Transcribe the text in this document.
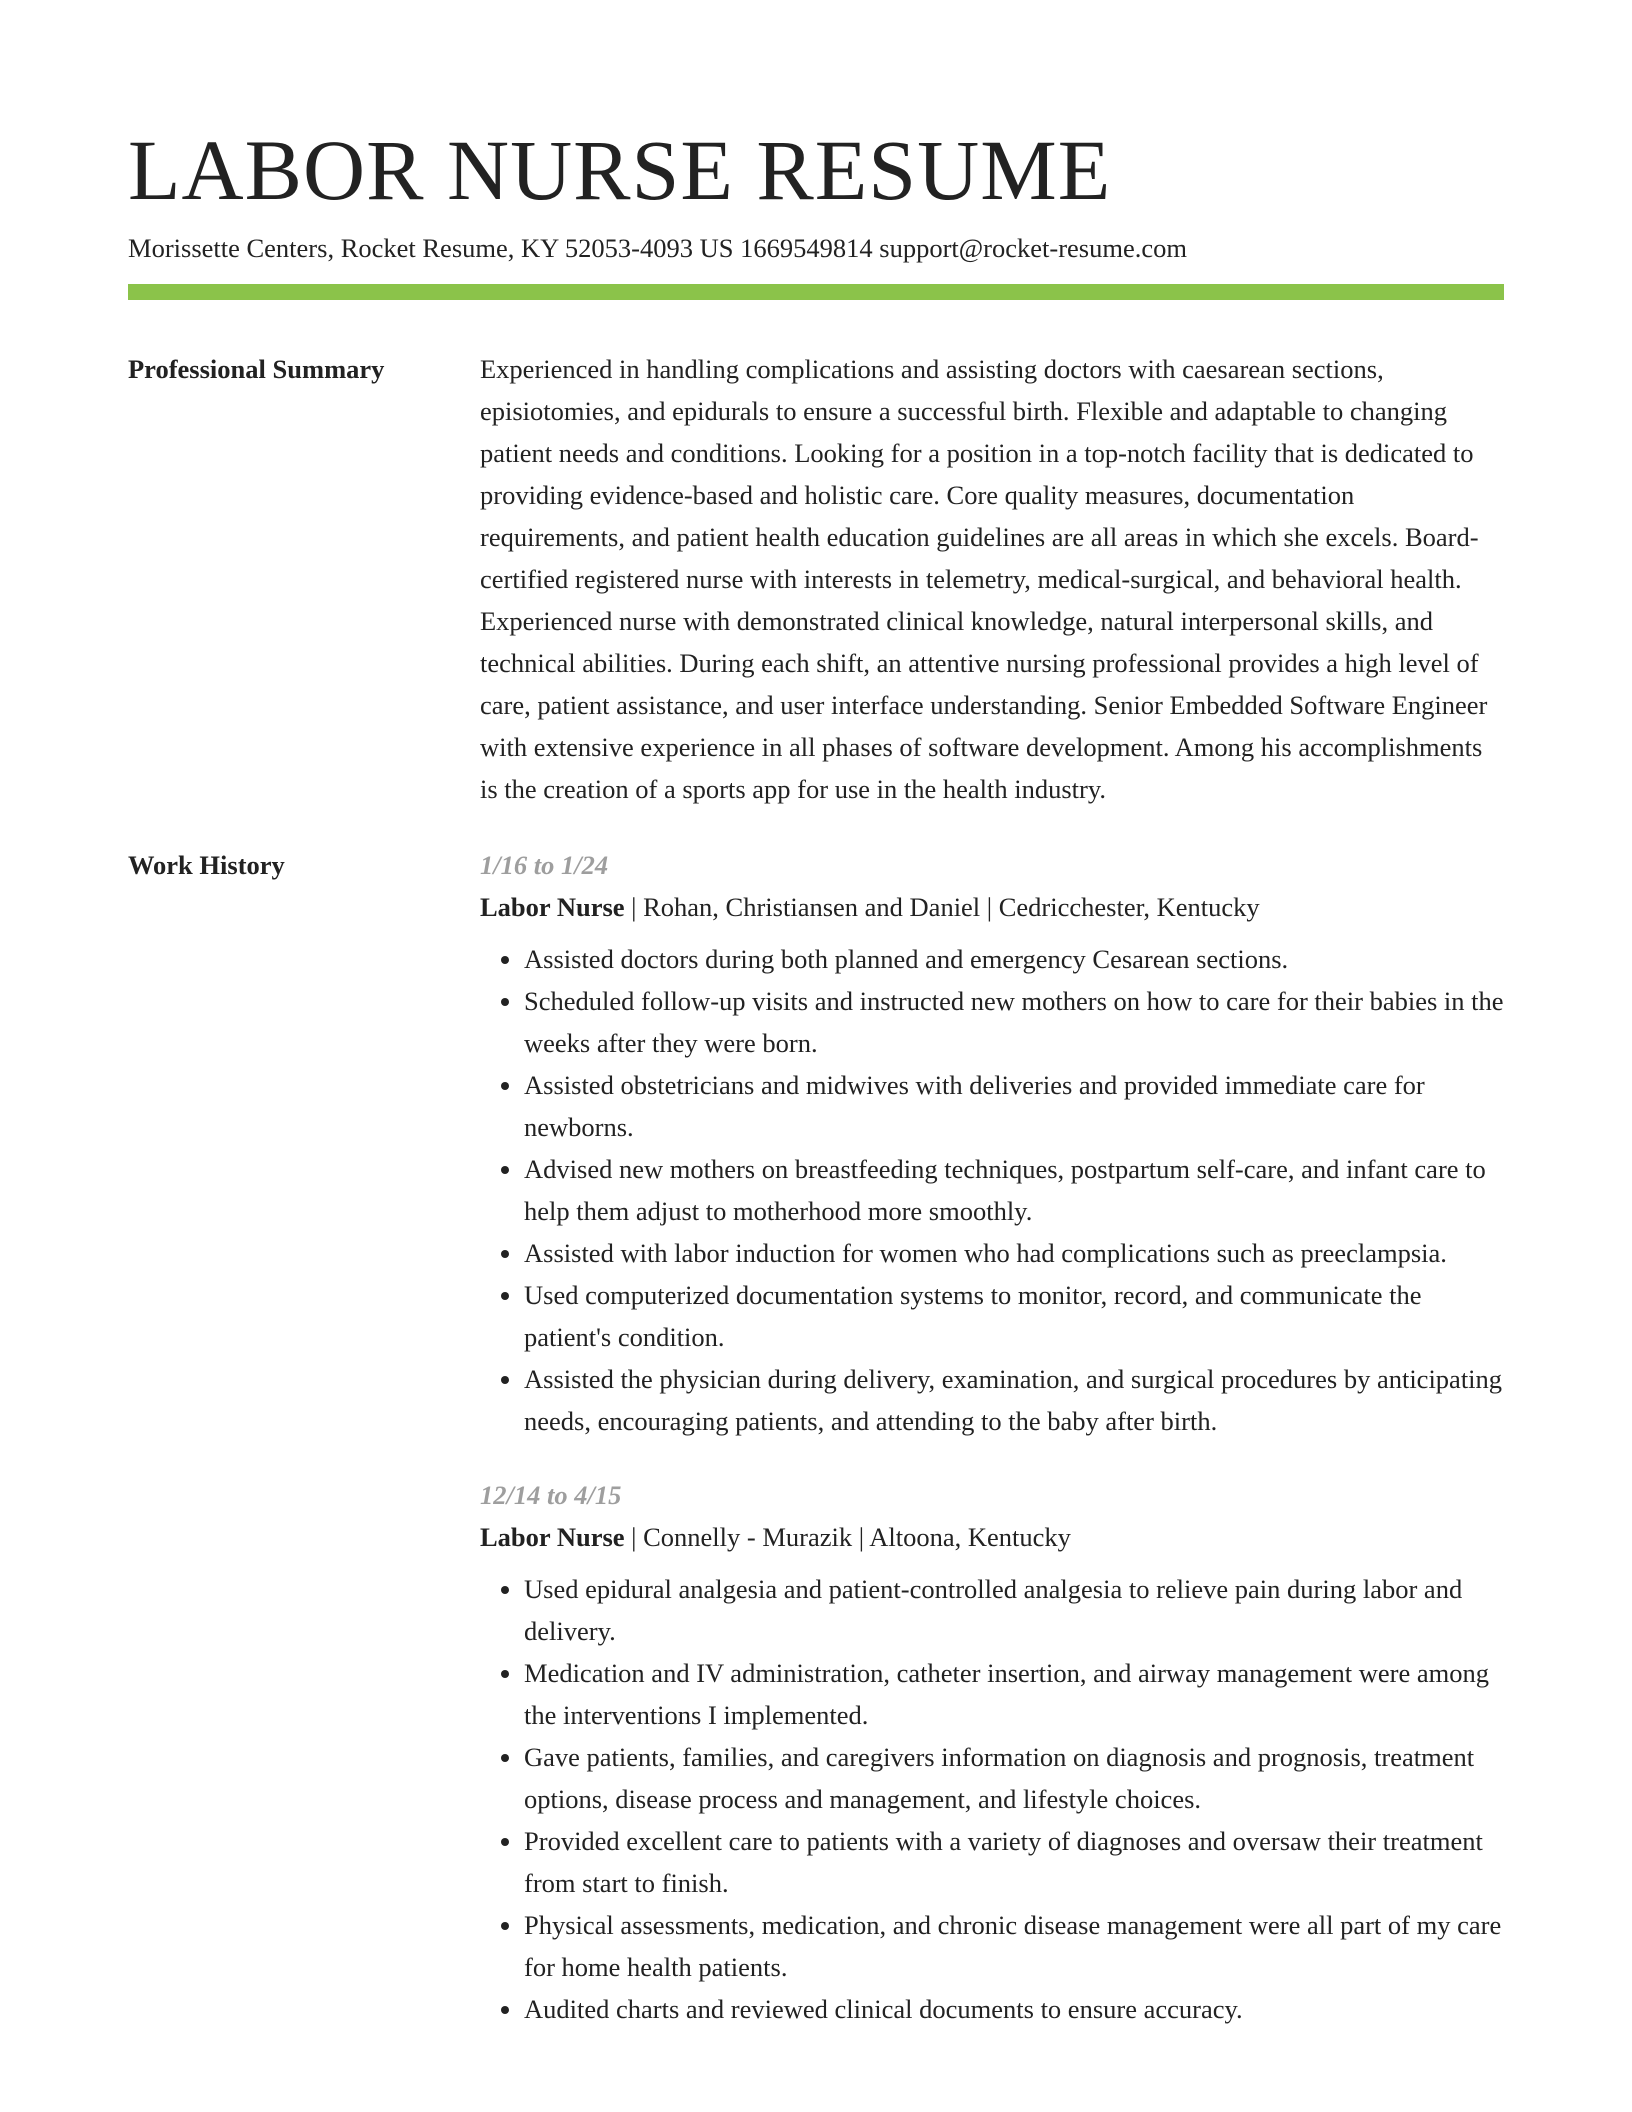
LABOR NURSE RESUME
Morissette Centers, Rocket Resume, KY 52053-4093 US 1669549814 support@rocket-resume.com
Professional Summary	Experienced in handling complications and assisting doctors with caesarean sections, episiotomies, and epidurals to ensure a successful birth. Flexible and adaptable to changing patient needs and conditions. Looking for a position in a top-notch facility that is dedicated to providing evidence-based and holistic care. Core quality measures, documentation requirements, and patient health education guidelines are all areas in which she excels. Board-certified registered nurse with interests in telemetry, medical-surgical, and behavioral health. Experienced nurse with demonstrated clinical knowledge, natural interpersonal skills, and technical abilities. During each shift, an attentive nursing professional provides a high level of care, patient assistance, and user interface understanding. Senior Embedded Software Engineer with extensive experience in all phases of software development. Among his accomplishments is the creation of a sports app for use in the health industry.

Work History	1/16 to 1/24
Labor Nurse | Rohan, Christiansen and Daniel | Cedricchester, Kentucky
• Assisted doctors during both planned and emergency Cesarean sections.
• Scheduled follow-up visits and instructed new mothers on how to care for their babies in the weeks after they were born.
• Assisted obstetricians and midwives with deliveries and provided immediate care for newborns.
• Advised new mothers on breastfeeding techniques, postpartum self-care, and infant care to help them adjust to motherhood more smoothly.
• Assisted with labor induction for women who had complications such as preeclampsia.
• Used computerized documentation systems to monitor, record, and communicate the patient's condition.
• Assisted the physician during delivery, examination, and surgical procedures by anticipating needs, encouraging patients, and attending to the baby after birth.
12/14 to 4/15
Labor Nurse | Connelly - Murazik | Altoona, Kentucky
• Used epidural analgesia and patient-controlled analgesia to relieve pain during labor and delivery.
• Medication and IV administration, catheter insertion, and airway management were among the interventions I implemented.
• Gave patients, families, and caregivers information on diagnosis and prognosis, treatment options, disease process and management, and lifestyle choices.
• Provided excellent care to patients with a variety of diagnoses and oversaw their treatment from start to finish.
• Physical assessments, medication, and chronic disease management were all part of my care for home health patients.
• Audited charts and reviewed clinical documents to ensure accuracy.
